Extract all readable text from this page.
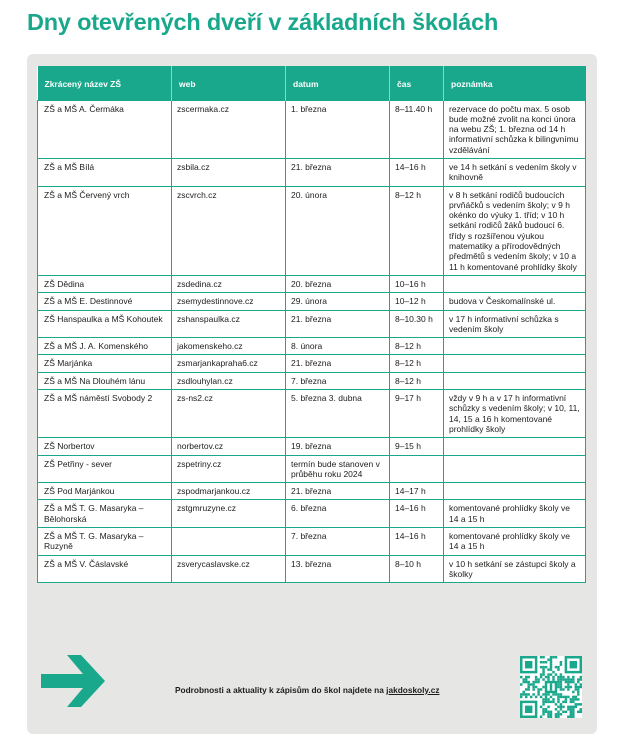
Dny otevřených dveří v základních školách
Zkrácený název ZŠ	web	datum	čas	poznámka
ZŠ a MŠ A. Čermáka	zscermaka.cz	1. března	8–11.40 h	rezervace do počtu max. 5 osob bude možné zvolit na konci února na webu ZŠ; 1. března od 14 h informativní schůzka k bilingvnímu vzdělávání
ZŠ a MŠ Bílá	zsbila.cz	21. března	14–16 h	ve 14 h setkání s vedením školy v knihovně
ZŠ a MŠ Červený vrch	zscvrch.cz	20. února	8–12 h	v 8 h setkání rodičů budoucích prvňáčků s vedením školy; v 9 h okénko do výuky 1. tříd; v 10 h setkání rodičů žáků budoucí 6. třídy s rozšířenou výukou matematiky a přírodovědných předmětů s vedením školy; v 10 a 11 h komentované prohlídky školy
ZŠ Dědina	zsdedina.cz	20. března	10–16 h	
ZŠ a MŠ E. Destinnové	zsemydestinnove.cz	29. února	10–12 h	budova v Českomalínské ul.
ZŠ Hanspaulka a MŠ Kohoutek	zshanspaulka.cz	21. března	8–10.30 h	v 17 h informativní schůzka s vedením školy
ZŠ a MŠ J. A. Komenského	jakomenskeho.cz	8. února	8–12 h	
ZŠ Marjánka	zsmarjankapraha6.cz	21. března	8–12 h	
ZŠ a MŠ Na Dlouhém lánu	zsdlouhylan.cz	7. března	8–12 h	
ZŠ a MŠ náměstí Svobody 2	zs-ns2.cz	5. března 3. dubna	9–17 h	vždy v 9 h a v 17 h informativní schůzky s vedením školy; v 10, 11, 14, 15 a 16 h komentované prohlídky školy
ZŠ Norbertov	norbertov.cz	19. března	9–15 h	
ZŠ Petřiny - sever	zspetriny.cz	termín bude stanoven v průběhu roku 2024		
ZŠ Pod Marjánkou	zspodmarjankou.cz	21. března	14–17 h	
ZŠ a MŠ T. G. Masaryka – Bělohorská	zstgmruzyne.cz	6. března	14–16 h	komentované prohlídky školy ve 14 a 15 h
ZŠ a MŠ T. G. Masaryka – Ruzyně		7. března	14–16 h	komentované prohlídky školy ve 14 a 15 h
ZŠ a MŠ V. Čáslavské	zsverycaslavske.cz	13. března	8–10 h	v 10 h setkání se zástupci školy a školky
Podrobnosti a aktuality k zápisům do škol najdete na jakdoskoly.cz
